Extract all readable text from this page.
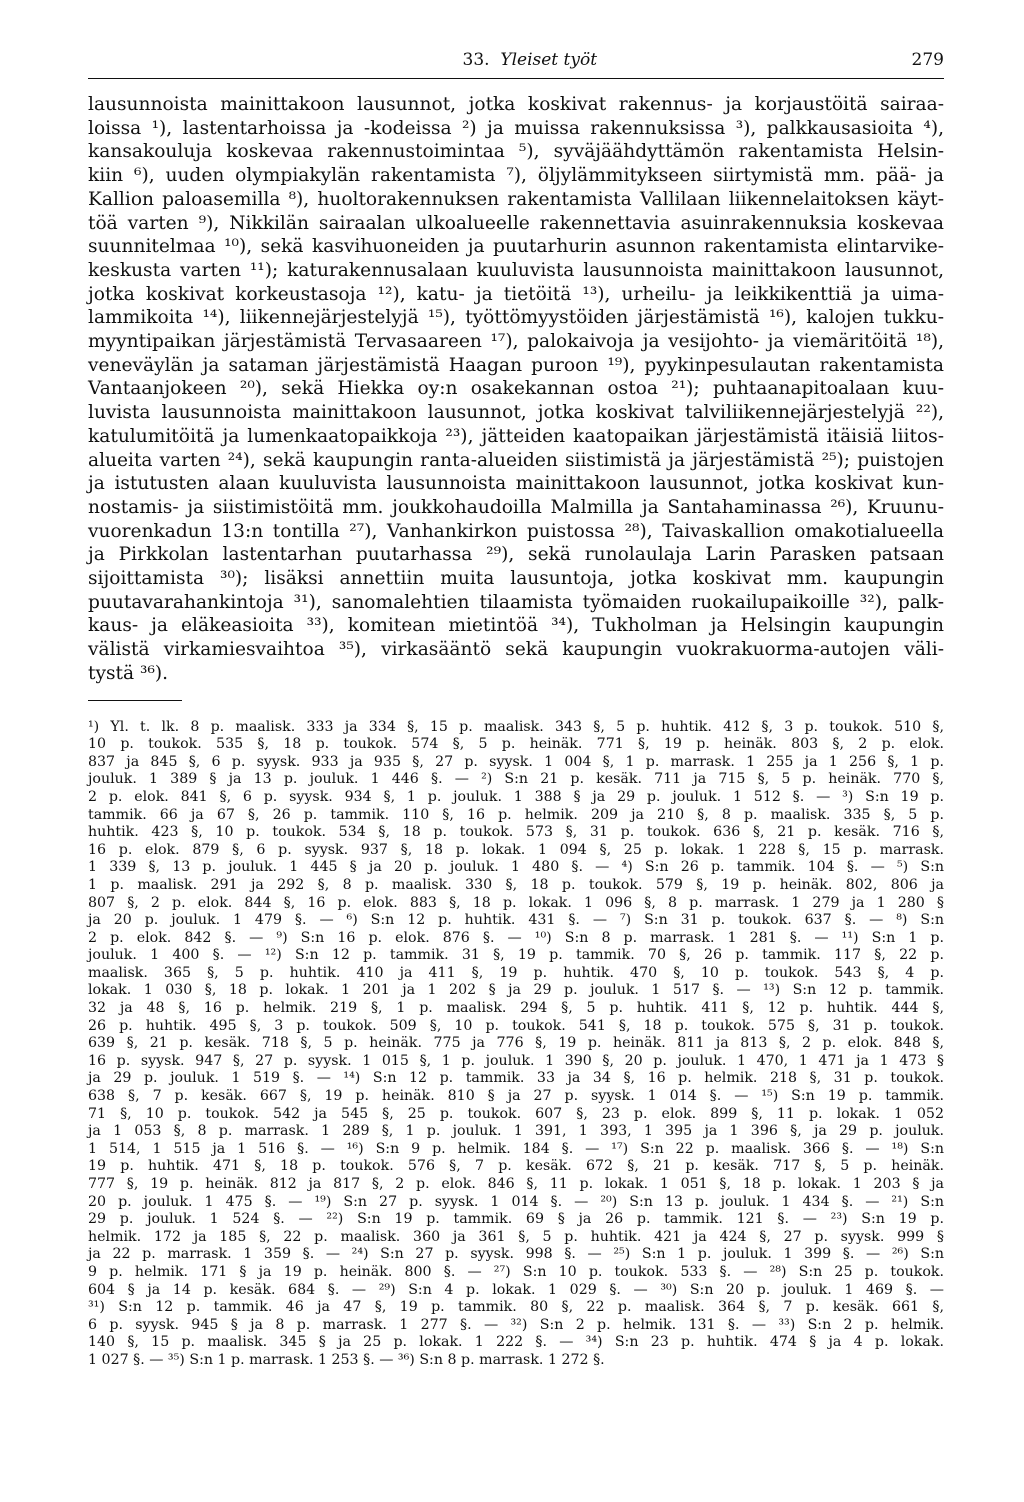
33. Yleiset työt	279
lausunnoista mainittakoon lausunnot, jotka koskivat rakennus- ja korjaustöitä sairaa-
loissa ¹), lastentarhoissa ja -kodeissa ²) ja muissa rakennuksissa ³), palkkausasioita ⁴),
kansakouluja koskevaa rakennustoimintaa ⁵), syväjäähdyttämön rakentamista Helsin-
kiin ⁶), uuden olympiakylän rakentamista ⁷), öljylämmitykseen siirtymistä mm. pää- ja
Kallion paloasemilla ⁸), huoltorakennuksen rakentamista Vallilaan liikennelaitoksen käyt-
töä varten ⁹), Nikkilän sairaalan ulkoalueelle rakennettavia asuinrakennuksia koskevaa
suunnitelmaa ¹⁰), sekä kasvihuoneiden ja puutarhurin asunnon rakentamista elintarvike-
keskusta varten ¹¹); katurakennusalaan kuuluvista lausunnoista mainittakoon lausunnot,
jotka koskivat korkeustasoja ¹²), katu- ja tietöitä ¹³), urheilu- ja leikkikenttiä ja uima-
lammikoita ¹⁴), liikennejärjestelyjä ¹⁵), työttömyystöiden järjestämistä ¹⁶), kalojen tukku-
myyntipaikan järjestämistä Tervasaareen ¹⁷), palokaivoja ja vesijohto- ja viemäritöitä ¹⁸),
veneväylän ja sataman järjestämistä Haagan puroon ¹⁹), pyykinpesulautan rakentamista
Vantaanjokeen ²⁰), sekä Hiekka oy:n osakekannan ostoa ²¹); puhtaanapitoalaan kuu-
luvista lausunnoista mainittakoon lausunnot, jotka koskivat talviliikennejärjestelyjä ²²),
katulumitöitä ja lumenkaatopaikkoja ²³), jätteiden kaatopaikan järjestämistä itäisiä liitos-
alueita varten ²⁴), sekä kaupungin ranta-alueiden siistimistä ja järjestämistä ²⁵); puistojen
ja istutusten alaan kuuluvista lausunnoista mainittakoon lausunnot, jotka koskivat kun-
nostamis- ja siistimistöitä mm. joukkohaudoilla Malmilla ja Santahaminassa ²⁶), Kruunu-
vuorenkadun 13:n tontilla ²⁷), Vanhankirkon puistossa ²⁸), Taivaskallion omakotialueella
ja Pirkkolan lastentarhan puutarhassa ²⁹), sekä runolaulaja Larin Parasken patsaan
sijoittamista ³⁰); lisäksi annettiin muita lausuntoja, jotka koskivat mm. kaupungin
puutavarahankintoja ³¹), sanomalehtien tilaamista työmaiden ruokailupaikoille ³²), palk-
kaus- ja eläkeasioita ³³), komitean mietintöä ³⁴), Tukholman ja Helsingin kaupungin
välistä virkamiesvaihtoa ³⁵), virkasääntö sekä kaupungin vuokrakuorma-autojen väli-
tystä ³⁶).
¹) Yl. t. lk. 8 p. maalisk. 333 ja 334 §, 15 p. maalisk. 343 §, 5 p. huhtik. 412 §, 3 p. toukok. 510 §,
10 p. toukok. 535 §, 18 p. toukok. 574 §, 5 p. heinäk. 771 §, 19 p. heinäk. 803 §, 2 p. elok.
837 ja 845 §, 6 p. syysk. 933 ja 935 §, 27 p. syysk. 1 004 §, 1 p. marrask. 1 255 ja 1 256 §, 1 p.
jouluk. 1 389 § ja 13 p. jouluk. 1 446 §. — ²) S:n 21 p. kesäk. 711 ja 715 §, 5 p. heinäk. 770 §,
2 p. elok. 841 §, 6 p. syysk. 934 §, 1 p. jouluk. 1 388 § ja 29 p. jouluk. 1 512 §. — ³) S:n 19 p.
tammik. 66 ja 67 §, 26 p. tammik. 110 §, 16 p. helmik. 209 ja 210 §, 8 p. maalisk. 335 §, 5 p.
huhtik. 423 §, 10 p. toukok. 534 §, 18 p. toukok. 573 §, 31 p. toukok. 636 §, 21 p. kesäk. 716 §,
16 p. elok. 879 §, 6 p. syysk. 937 §, 18 p. lokak. 1 094 §, 25 p. lokak. 1 228 §, 15 p. marrask.
1 339 §, 13 p. jouluk. 1 445 § ja 20 p. jouluk. 1 480 §. — ⁴) S:n 26 p. tammik. 104 §. — ⁵) S:n
1 p. maalisk. 291 ja 292 §, 8 p. maalisk. 330 §, 18 p. toukok. 579 §, 19 p. heinäk. 802, 806 ja
807 §, 2 p. elok. 844 §, 16 p. elok. 883 §, 18 p. lokak. 1 096 §, 8 p. marrask. 1 279 ja 1 280 §
ja 20 p. jouluk. 1 479 §. — ⁶) S:n 12 p. huhtik. 431 §. — ⁷) S:n 31 p. toukok. 637 §. — ⁸) S:n
2 p. elok. 842 §. — ⁹) S:n 16 p. elok. 876 §. — ¹⁰) S:n 8 p. marrask. 1 281 §. — ¹¹) S:n 1 p.
jouluk. 1 400 §. — ¹²) S:n 12 p. tammik. 31 §, 19 p. tammik. 70 §, 26 p. tammik. 117 §, 22 p.
maalisk. 365 §, 5 p. huhtik. 410 ja 411 §, 19 p. huhtik. 470 §, 10 p. toukok. 543 §, 4 p.
lokak. 1 030 §, 18 p. lokak. 1 201 ja 1 202 § ja 29 p. jouluk. 1 517 §. — ¹³) S:n 12 p. tammik.
32 ja 48 §, 16 p. helmik. 219 §, 1 p. maalisk. 294 §, 5 p. huhtik. 411 §, 12 p. huhtik. 444 §,
26 p. huhtik. 495 §, 3 p. toukok. 509 §, 10 p. toukok. 541 §, 18 p. toukok. 575 §, 31 p. toukok.
639 §, 21 p. kesäk. 718 §, 5 p. heinäk. 775 ja 776 §, 19 p. heinäk. 811 ja 813 §, 2 p. elok. 848 §,
16 p. syysk. 947 §, 27 p. syysk. 1 015 §, 1 p. jouluk. 1 390 §, 20 p. jouluk. 1 470, 1 471 ja 1 473 §
ja 29 p. jouluk. 1 519 §. — ¹⁴) S:n 12 p. tammik. 33 ja 34 §, 16 p. helmik. 218 §, 31 p. toukok.
638 §, 7 p. kesäk. 667 §, 19 p. heinäk. 810 § ja 27 p. syysk. 1 014 §. — ¹⁵) S:n 19 p. tammik.
71 §, 10 p. toukok. 542 ja 545 §, 25 p. toukok. 607 §, 23 p. elok. 899 §, 11 p. lokak. 1 052
ja 1 053 §, 8 p. marrask. 1 289 §, 1 p. jouluk. 1 391, 1 393, 1 395 ja 1 396 §, ja 29 p. jouluk.
1 514, 1 515 ja 1 516 §. — ¹⁶) S:n 9 p. helmik. 184 §. — ¹⁷) S:n 22 p. maalisk. 366 §. — ¹⁸) S:n
19 p. huhtik. 471 §, 18 p. toukok. 576 §, 7 p. kesäk. 672 §, 21 p. kesäk. 717 §, 5 p. heinäk.
777 §, 19 p. heinäk. 812 ja 817 §, 2 p. elok. 846 §, 11 p. lokak. 1 051 §, 18 p. lokak. 1 203 § ja
20 p. jouluk. 1 475 §. — ¹⁹) S:n 27 p. syysk. 1 014 §. — ²⁰) S:n 13 p. jouluk. 1 434 §. — ²¹) S:n
29 p. jouluk. 1 524 §. — ²²) S:n 19 p. tammik. 69 § ja 26 p. tammik. 121 §. — ²³) S:n 19 p.
helmik. 172 ja 185 §, 22 p. maalisk. 360 ja 361 §, 5 p. huhtik. 421 ja 424 §, 27 p. syysk. 999 §
ja 22 p. marrask. 1 359 §. — ²⁴) S:n 27 p. syysk. 998 §. — ²⁵) S:n 1 p. jouluk. 1 399 §. — ²⁶) S:n
9 p. helmik. 171 § ja 19 p. heinäk. 800 §. — ²⁷) S:n 10 p. toukok. 533 §. — ²⁸) S:n 25 p. toukok.
604 § ja 14 p. kesäk. 684 §. — ²⁹) S:n 4 p. lokak. 1 029 §. — ³⁰) S:n 20 p. jouluk. 1 469 §. —
³¹) S:n 12 p. tammik. 46 ja 47 §, 19 p. tammik. 80 §, 22 p. maalisk. 364 §, 7 p. kesäk. 661 §,
6 p. syysk. 945 § ja 8 p. marrask. 1 277 §. — ³²) S:n 2 p. helmik. 131 §. — ³³) S:n 2 p. helmik.
140 §, 15 p. maalisk. 345 § ja 25 p. lokak. 1 222 §. — ³⁴) S:n 23 p. huhtik. 474 § ja 4 p. lokak.
1 027 §. — ³⁵) S:n 1 p. marrask. 1 253 §. — ³⁶) S:n 8 p. marrask. 1 272 §.
